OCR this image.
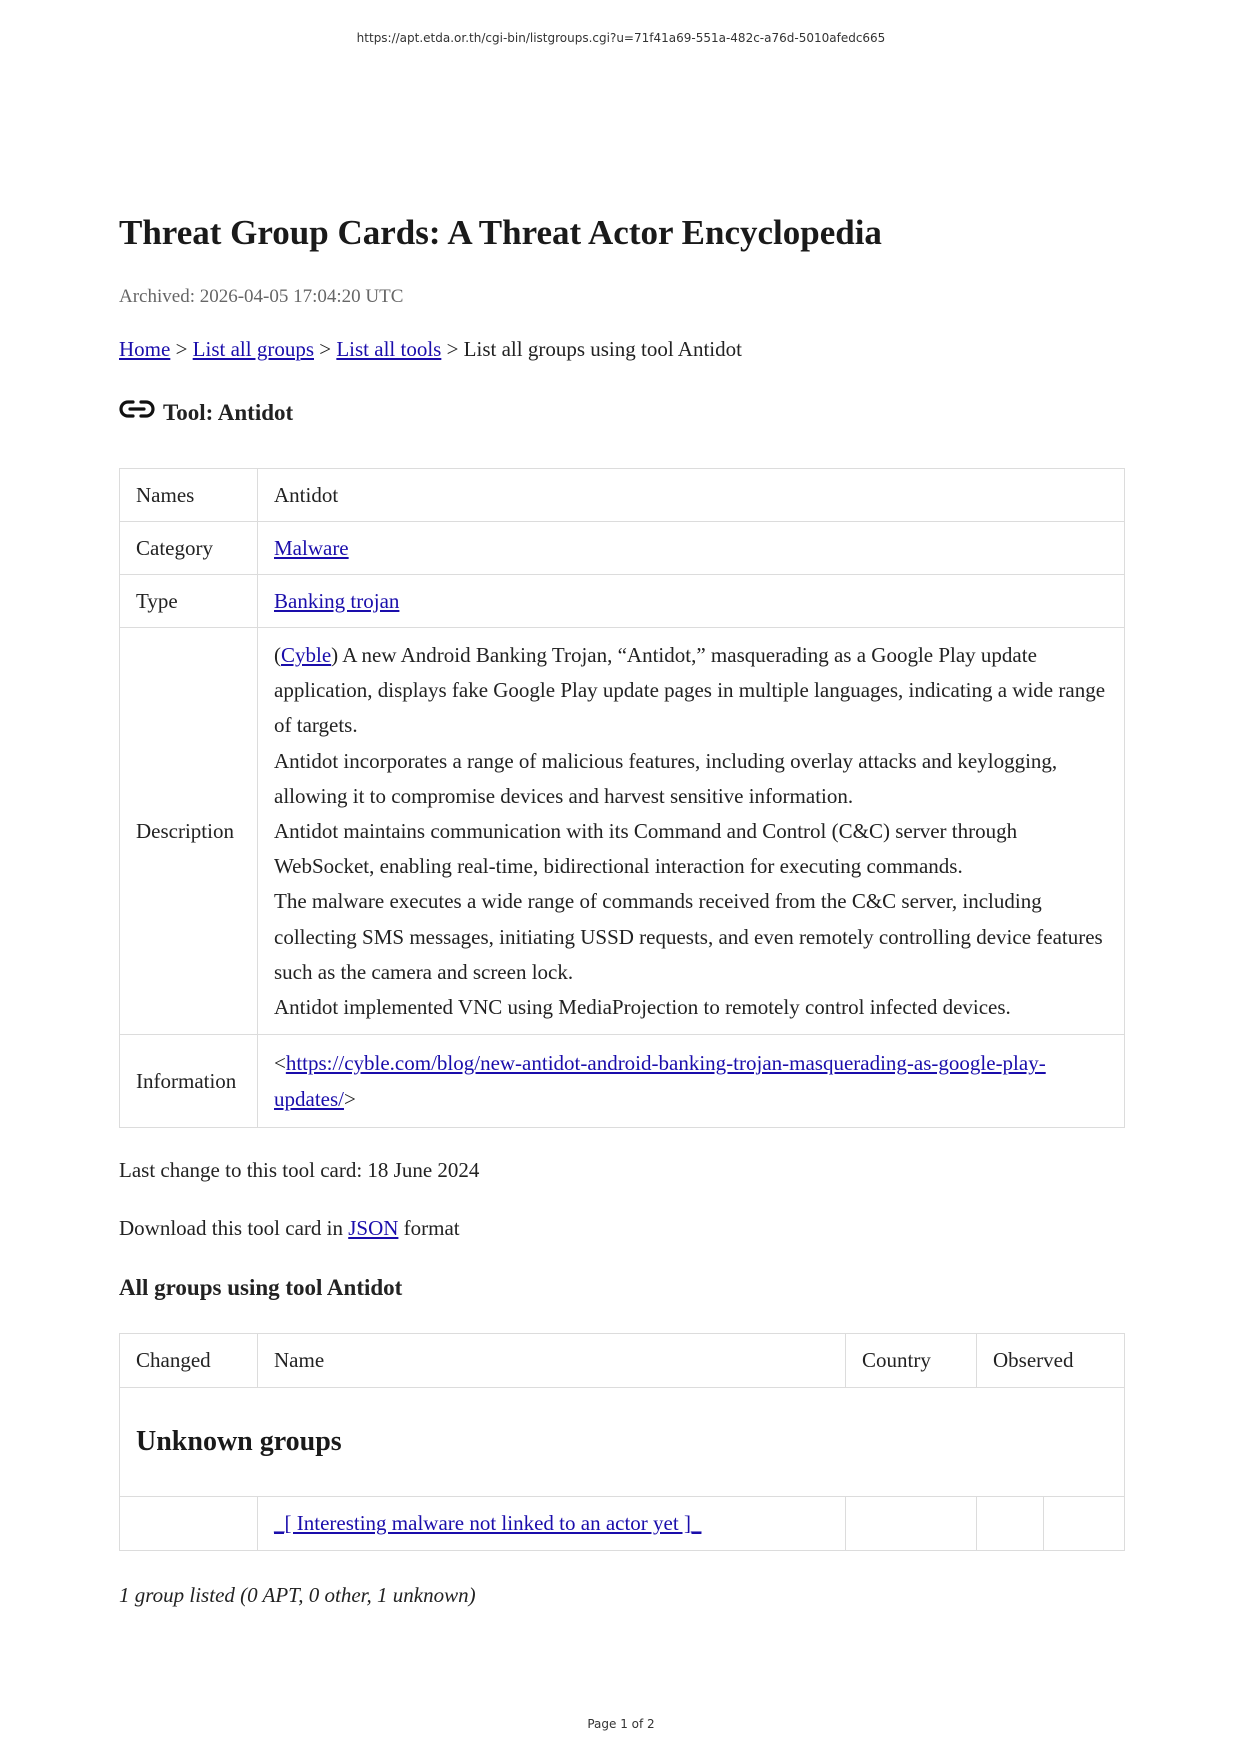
https://apt.etda.or.th/cgi-bin/listgroups.cgi?u=71f41a69-551a-482c-a76d-5010afedc665
Threat Group Cards: A Threat Actor Encyclopedia
Archived: 2026-04-05 17:04:20 UTC
Home > List all groups > List all tools > List all groups using tool Antidot
Tool: Antidot
Names	Antidot
Category	Malware
Type	Banking trojan
Description	(Cyble) A new Android Banking Trojan, “Antidot,” masquerading as a Google Play update application, displays fake Google Play update pages in multiple languages, indicating a wide range of targets.

Antidot incorporates a range of malicious features, including overlay attacks and keylogging, allowing it to compromise devices and harvest sensitive information.

Antidot maintains communication with its Command and Control (C&C) server through WebSocket, enabling real-time, bidirectional interaction for executing commands.

The malware executes a wide range of commands received from the C&C server, including collecting SMS messages, initiating USSD requests, and even remotely controlling device features such as the camera and screen lock.

Antidot implemented VNC using MediaProjection to remotely control infected devices.

Information	<https://cyble.com/blog/new-antidot-android-banking-trojan-masquerading-as-google-play-updates/>
Last change to this tool card: 18 June 2024
Download this tool card in JSON format
All groups using tool Antidot
Changed	Name	Country	Observed	
Unknown groups				
	_[ Interesting malware not linked to an actor yet ]_			
1 group listed (0 APT, 0 other, 1 unknown)
Page 1 of 2
